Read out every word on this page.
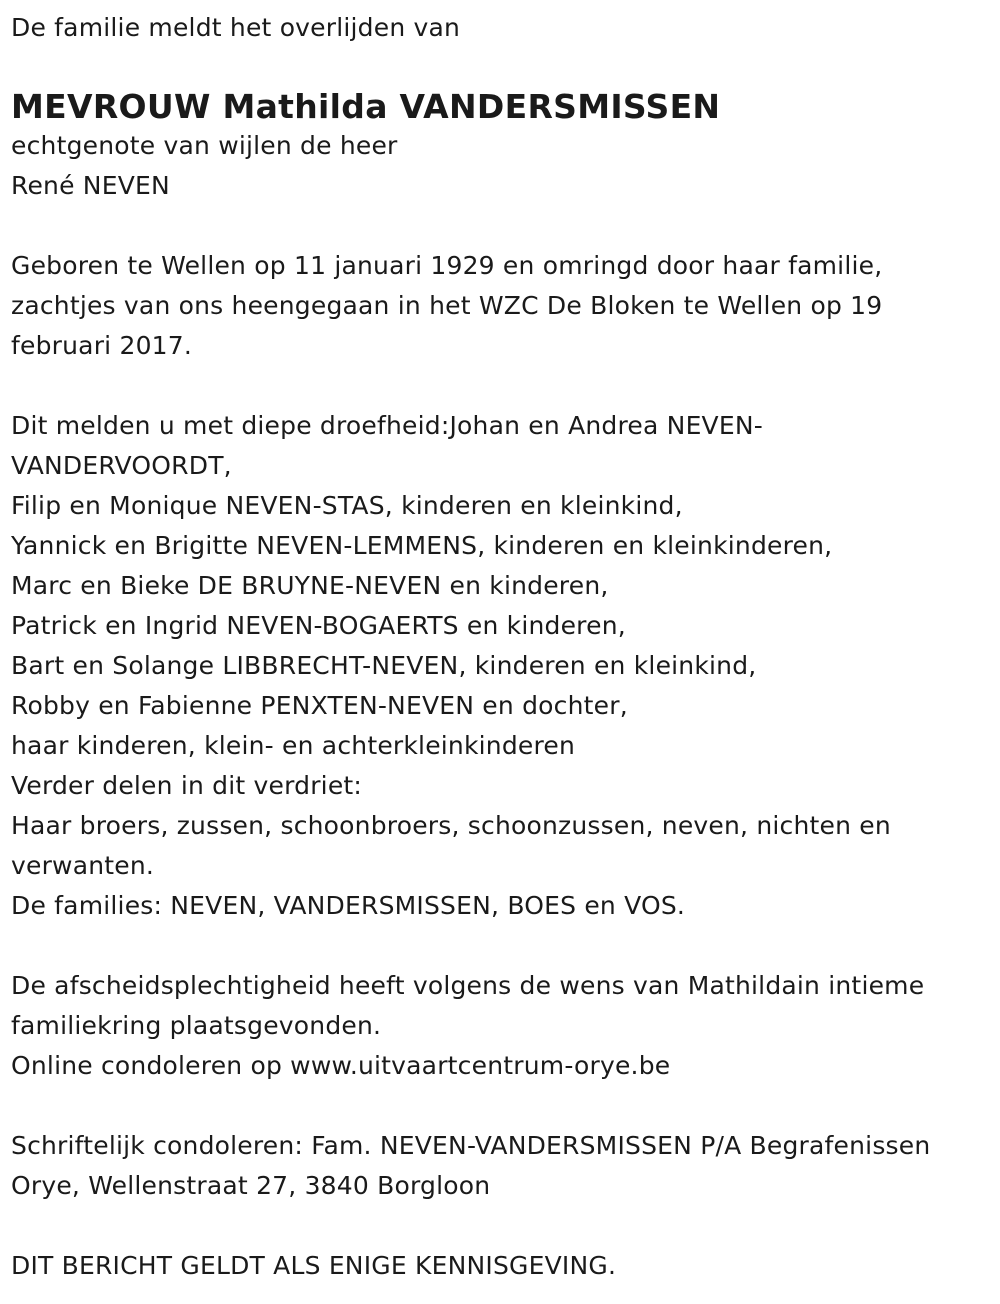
De familie meldt het overlijden van
MEVROUW Mathilda VANDERSMISSEN
echtgenote van wijlen de heer
René NEVEN
Geboren te Wellen op 11 januari 1929 en omringd door haar familie,
zachtjes van ons heengegaan in het WZC De Bloken te Wellen op 19
februari 2017.
Dit melden u met diepe droefheid:Johan en Andrea NEVEN-
VANDERVOORDT,
Filip en Monique NEVEN-STAS, kinderen en kleinkind,
Yannick en Brigitte NEVEN-LEMMENS, kinderen en kleinkinderen,
Marc en Bieke DE BRUYNE-NEVEN en kinderen,
Patrick en Ingrid NEVEN-BOGAERTS en kinderen,
Bart en Solange LIBBRECHT-NEVEN, kinderen en kleinkind,
Robby en Fabienne PENXTEN-NEVEN en dochter,
haar kinderen, klein- en achterkleinkinderen
Verder delen in dit verdriet:
Haar broers, zussen, schoonbroers, schoonzussen, neven, nichten en
verwanten.
De families: NEVEN, VANDERSMISSEN, BOES en VOS.
De afscheidsplechtigheid heeft volgens de wens van Mathildain intieme
familiekring plaatsgevonden.
Online condoleren op www.uitvaartcentrum-orye.be
Schriftelijk condoleren: Fam. NEVEN-VANDERSMISSEN P/A Begrafenissen
Orye, Wellenstraat 27, 3840 Borgloon
DIT BERICHT GELDT ALS ENIGE KENNISGEVING.
